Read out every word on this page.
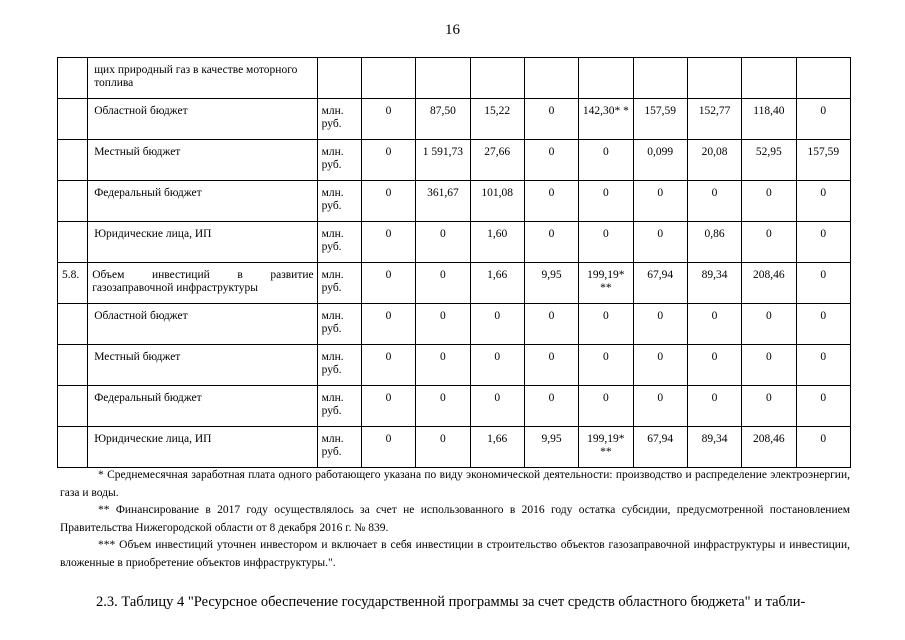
16
	щих природный газ в качестве моторного топлива										
	Областной бюджет	млн. руб.	0	87,50	15,22	0	142,30* *	157,59	152,77	118,40	0
	Местный бюджет	млн. руб.	0	1 591,73	27,66	0	0	0,099	20,08	52,95	157,59
	Федеральный бюджет	млн. руб.	0	361,67	101,08	0	0	0	0	0	0
	Юридические лица, ИП	млн. руб.	0	0	1,60	0	0	0	0,86	0	0
5.8.	Объем инвестиций в развитие газозаправочной инфраструктуры	млн. руб.	0	0	1,66	9,95	199,19* **	67,94	89,34	208,46	0
	Областной бюджет	млн. руб.	0	0	0	0	0	0	0	0	0
	Местный бюджет	млн. руб.	0	0	0	0	0	0	0	0	0
	Федеральный бюджет	млн. руб.	0	0	0	0	0	0	0	0	0
	Юридические лица, ИП	млн. руб.	0	0	1,66	9,95	199,19* **	67,94	89,34	208,46	0

* Среднемесячная заработная плата одного работающего указана по виду экономической деятельности: производство и распределение электроэнергии, газа и воды.

** Финансирование в 2017 году осуществлялось за счет не использованного в 2016 году остатка субсидии, предусмотренной постановлением Правительства Нижегородской области от 8 декабря 2016 г. № 839.

*** Объем инвестиций уточнен инвестором и включает в себя инвестиции в строительство объектов газозаправочной инфраструктуры и инвестиции, вложенные в приобретение объектов инфраструктуры.".

2.3. Таблицу 4 "Ресурсное обеспечение государственной программы за счет средств областного бюджета" и табли-
